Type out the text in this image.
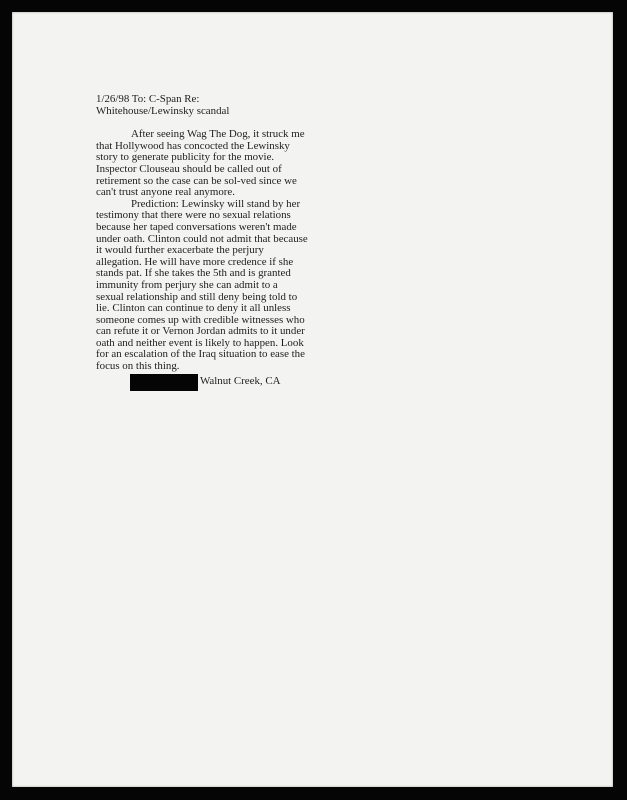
1/26/98 To: C-Span Re:
Whitehouse/Lewinsky scandal
After seeing Wag The Dog, it struck me
that Hollywood has concocted the Lewinsky
story to generate publicity for the movie.
Inspector Clouseau should be called out of
retirement so the case can be sol-ved since we
can't trust anyone real anymore.
Prediction: Lewinsky will stand by her
testimony that there were no sexual relations
because her taped conversations weren't made
under oath. Clinton could not admit that because
it would further exacerbate the perjury
allegation. He will have more credence if she
stands pat. If she takes the 5th and is granted
immunity from perjury she can admit to a
sexual relationship and still deny being told to
lie. Clinton can continue to deny it all unless
someone comes up with credible witnesses who
can refute it or Vernon Jordan admits to it under
oath and neither event is likely to happen. Look
for an escalation of the Iraq situation to ease the
focus on this thing.
Walnut Creek, CA
